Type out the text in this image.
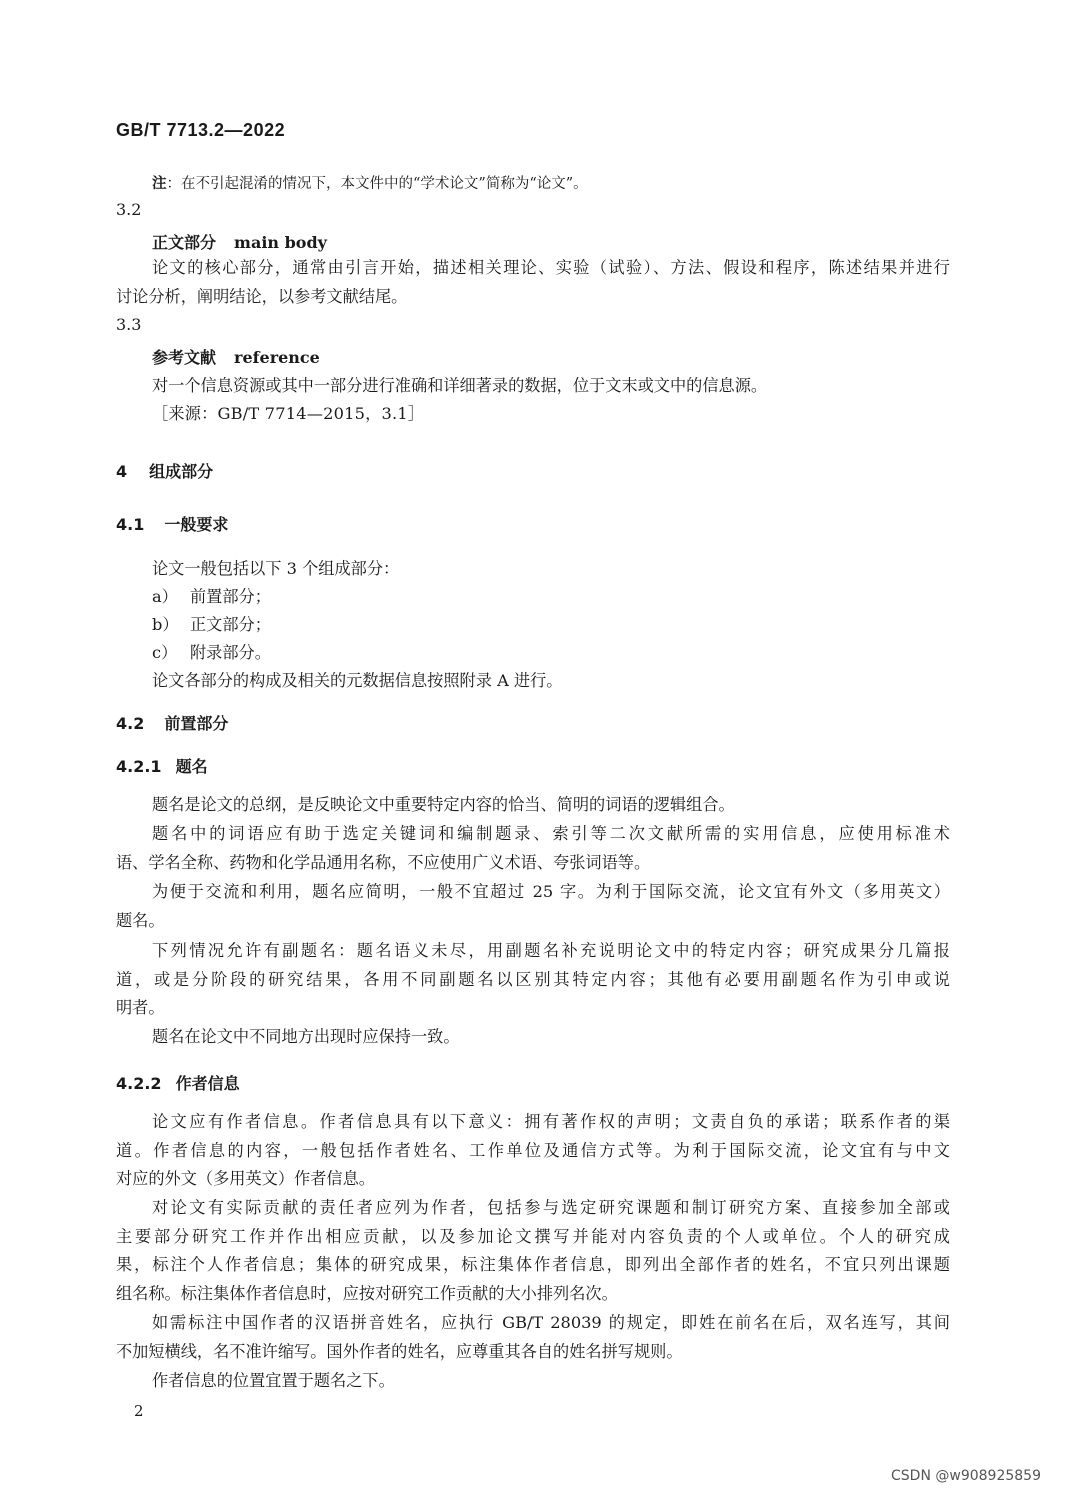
GB/T 7713.2—2022
注：在不引起混淆的情况下，本文件中的“学术论文”简称为“论文”。
3.2
正文部分 main body
论文的核心部分，通常由引言开始，描述相关理论、实验（试验）、方法、假设和程序，陈述结果并进行
讨论分析，阐明结论，以参考文献结尾。
3.3
参考文献 reference
对一个信息资源或其中一部分进行准确和详细著录的数据，位于文末或文中的信息源。
［来源：GB/T 7714—2015，3.1］
4 组成部分
4.1 一般要求
论文一般包括以下 3 个组成部分：
a） 前置部分；
b） 正文部分；
c） 附录部分。
论文各部分的构成及相关的元数据信息按照附录 A 进行。
4.2 前置部分
4.2.1 题名
题名是论文的总纲，是反映论文中重要特定内容的恰当、简明的词语的逻辑组合。
题名中的词语应有助于选定关键词和编制题录、索引等二次文献所需的实用信息，应使用标准术
语、学名全称、药物和化学品通用名称，不应使用广义术语、夸张词语等。
为便于交流和利用，题名应简明，一般不宜超过 25 字。为利于国际交流，论文宜有外文（多用英文）
题名。
下列情况允许有副题名：题名语义未尽，用副题名补充说明论文中的特定内容；研究成果分几篇报
道，或是分阶段的研究结果，各用不同副题名以区别其特定内容；其他有必要用副题名作为引申或说
明者。
题名在论文中不同地方出现时应保持一致。
4.2.2 作者信息
论文应有作者信息。作者信息具有以下意义：拥有著作权的声明；文责自负的承诺；联系作者的渠
道。作者信息的内容，一般包括作者姓名、工作单位及通信方式等。为利于国际交流，论文宜有与中文
对应的外文（多用英文）作者信息。
对论文有实际贡献的责任者应列为作者，包括参与选定研究课题和制订研究方案、直接参加全部或
主要部分研究工作并作出相应贡献，以及参加论文撰写并能对内容负责的个人或单位。个人的研究成
果，标注个人作者信息；集体的研究成果，标注集体作者信息，即列出全部作者的姓名，不宜只列出课题
组名称。标注集体作者信息时，应按对研究工作贡献的大小排列名次。
如需标注中国作者的汉语拼音姓名，应执行 GB/T 28039 的规定，即姓在前名在后，双名连写，其间
不加短横线，名不准许缩写。国外作者的姓名，应尊重其各自的姓名拼写规则。
作者信息的位置宜置于题名之下。
2
CSDN @w908925859
